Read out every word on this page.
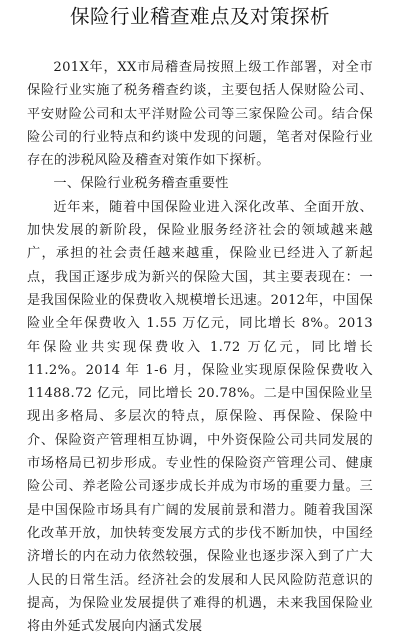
保险行业稽查难点及对策探析

201X年，XX市局稽查局按照上级工作部署，对全市保险行业实施了税务稽查约谈，主要包括人保财险公司、平安财险公司和太平洋财险公司等三家保险公司。结合保险公司的行业特点和约谈中发现的问题，笔者对保险行业存在的涉税风险及稽查对策作如下探析。

一、保险行业税务稽查重要性

近年来，随着中国保险业进入深化改革、全面开放、加快发展的新阶段，保险业服务经济社会的领域越来越广，承担的社会责任越来越重，保险业已经进入了新起点，我国正逐步成为新兴的保险大国，其主要表现在：一是我国保险业的保费收入规模增长迅速。2012年，中国保险业全年保费收入 1.55 万亿元，同比增长 8%。2013 年保险业共实现保费收入 1.72 万亿元，同比增长 11.2%。2014 年 1-6 月，保险业实现原保险保费收入 11488.72 亿元，同比增长 20.78%。二是中国保险业呈现出多格局、多层次的特点，原保险、再保险、保险中介、保险资产管理相互协调，中外资保险公司共同发展的市场格局已初步形成。专业性的保险资产管理公司、健康险公司、养老险公司逐步成长并成为市场的重要力量。三是中国保险市场具有广阔的发展前景和潜力。随着我国深化改革开放，加快转变发展方式的步伐不断加快，中国经济增长的内在动力依然较强，保险业也逐步深入到了广大人民的日常生活。经济社会的发展和人民风险防范意识的提高，为保险业发展提供了难得的机遇，未来我国保险业将由外延式发展向内涵式发展
